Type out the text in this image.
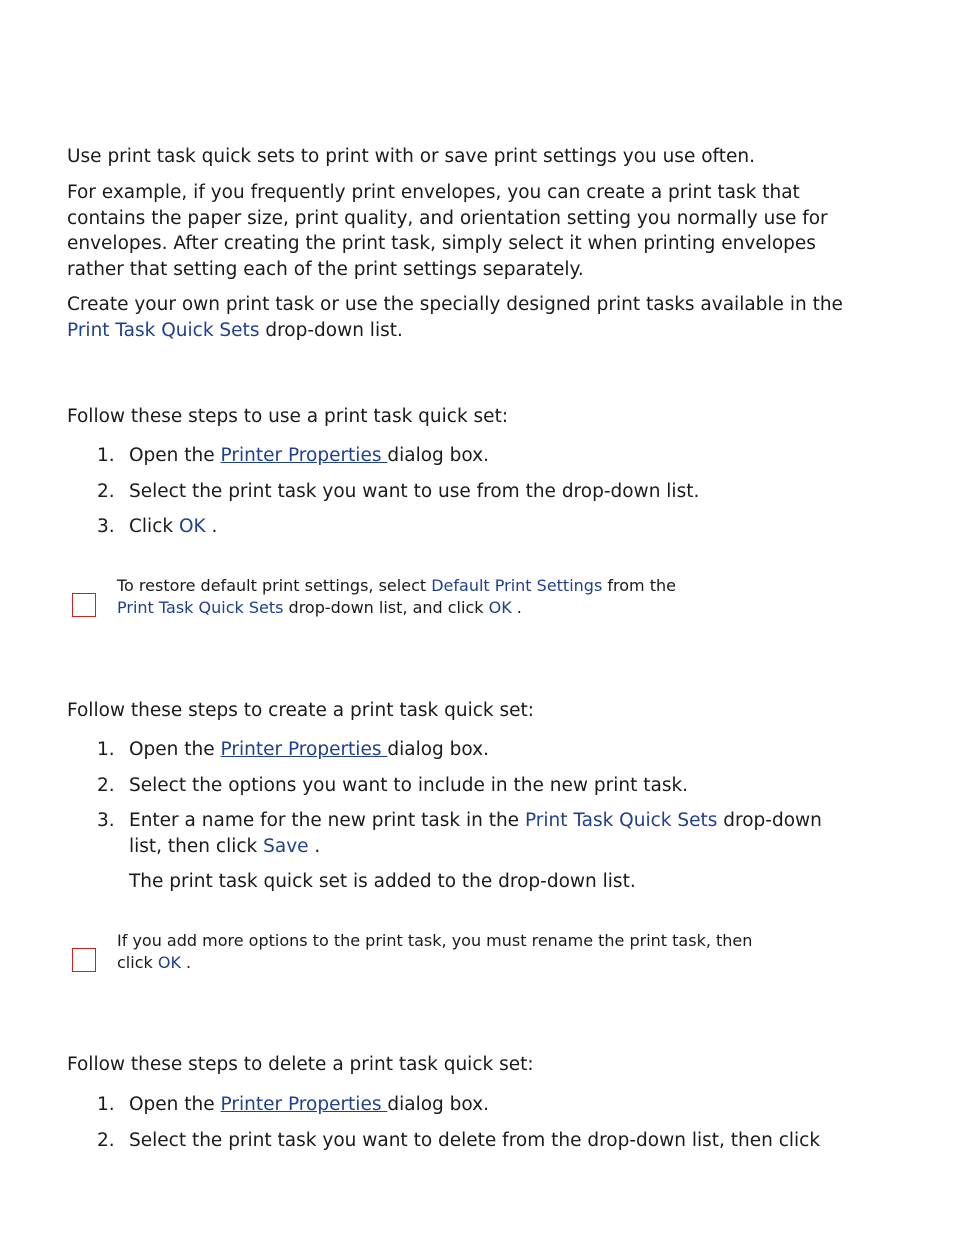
Use print task quick sets to print with or save print settings you use often.

For example, if you frequently print envelopes, you can create a print task that contains the paper size, print quality, and orientation setting you normally use for envelopes. After creating the print task, simply select it when printing envelopes rather that setting each of the print settings separately.

Create your own print task or use the specially designed print tasks available in the
Print Task Quick Sets drop-down list.

Follow these steps to use a print task quick set:

1. Open the Printer Properties dialog box.
2. Select the print task you want to use from the drop-down list.
3. Click OK .

To restore default print settings, select Default Print Settings from the
Print Task Quick Sets drop-down list, and click OK .

Follow these steps to create a print task quick set:

1. Open the Printer Properties dialog box.
2. Select the options you want to include in the new print task.
3. Enter a name for the new print task in the Print Task Quick Sets drop-down list, then click Save .

The print task quick set is added to the drop-down list.

If you add more options to the print task, you must rename the print task, then click OK .

Follow these steps to delete a print task quick set:

1. Open the Printer Properties dialog box.
2. Select the print task you want to delete from the drop-down list, then click
